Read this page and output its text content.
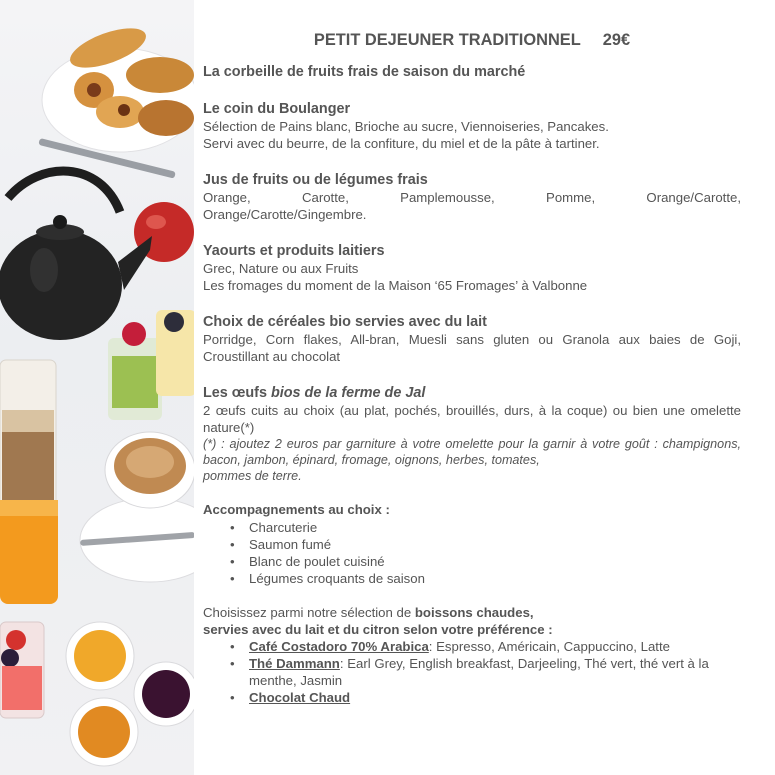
PETIT DEJEUNER TRADITIONNEL 29€
La corbeille de fruits frais de saison du marché
Le coin du Boulanger

Sélection de Pains blanc, Brioche au sucre, Viennoiseries, Pancakes.

Servi avec du beurre, de la confiture, du miel et de la pâte à tartiner.

Jus de fruits ou de légumes frais

Orange, Carotte, Pamplemousse, Pomme, Orange/Carotte,

Orange/Carotte/Gingembre.

Yaourts et produits laitiers

Grec, Nature ou aux Fruits

Les fromages du moment de la Maison ‘65 Fromages’ à Valbonne

Choix de céréales bio servies avec du lait

Porridge, Corn flakes, All-bran, Muesli sans gluten ou Granola aux baies de Goji, Croustillant au chocolat

Les œufs bios de la ferme de Jal

2 œufs cuits au choix (au plat, pochés, brouillés, durs, à la coque) ou bien une omelette nature(*)

(*) : ajoutez 2 euros par garniture à votre omelette pour la garnir à votre goût : champignons, bacon, jambon, épinard, fromage, oignons, herbes, tomates,

pommes de terre.

Accompagnements au choix :
• Charcuterie
• Saumon fumé
• Blanc de poulet cuisiné
• Légumes croquants de saison

Choisissez parmi notre sélection de boissons chaudes,

servies avec du lait et du citron selon votre préférence :

• Café Costadoro 70% Arabica: Espresso, Américain, Cappuccino, Latte
• Thé Dammann: Earl Grey, English breakfast, Darjeeling, Thé vert, thé vert à la menthe, Jasmin
• Chocolat Chaud
